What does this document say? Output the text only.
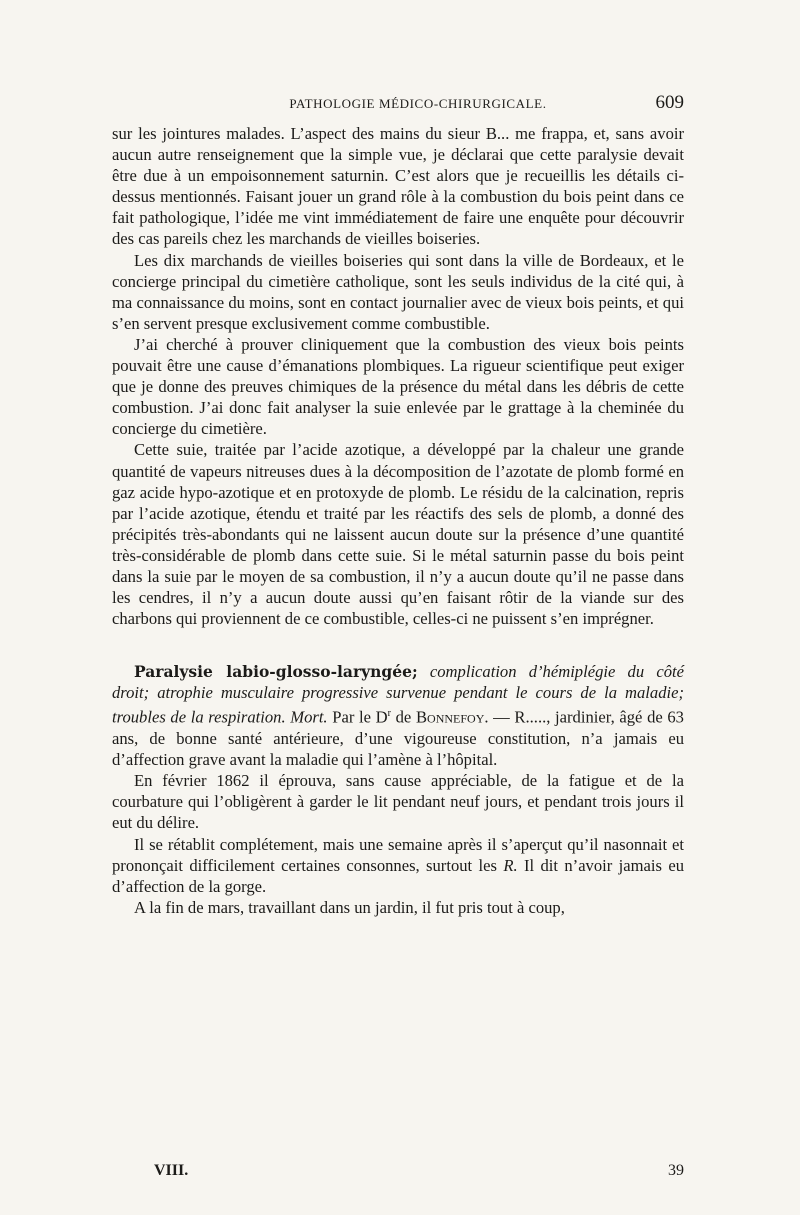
PATHOLOGIE MÉDICO-CHIRURGICALE.	609

sur les jointures malades. L’aspect des mains du sieur B... me frappa, et, sans avoir aucun autre renseignement que la simple vue, je déclarai que cette paralysie devait être due à un empoisonnement saturnin. C’est alors que je recueillis les détails ci-dessus mentionnés. Faisant jouer un grand rôle à la combustion du bois peint dans ce fait pathologique, l’idée me vint immédiatement de faire une enquête pour découvrir des cas pareils chez les marchands de vieilles boiseries.

Les dix marchands de vieilles boiseries qui sont dans la ville de Bordeaux, et le concierge principal du cimetière catholique, sont les seuls individus de la cité qui, à ma connaissance du moins, sont en contact journalier avec de vieux bois peints, et qui s’en servent presque exclusivement comme combustible.

J’ai cherché à prouver cliniquement que la combustion des vieux bois peints pouvait être une cause d’émanations plombiques. La rigueur scientifique peut exiger que je donne des preuves chimiques de la présence du métal dans les débris de cette combustion. J’ai donc fait analyser la suie enlevée par le grattage à la cheminée du concierge du cimetière.

Cette suie, traitée par l’acide azotique, a développé par la chaleur une grande quantité de vapeurs nitreuses dues à la décomposition de l’azotate de plomb formé en gaz acide hypo-azotique et en protoxyde de plomb. Le résidu de la calcination, repris par l’acide azotique, étendu et traité par les réactifs des sels de plomb, a donné des précipités très-abondants qui ne laissent aucun doute sur la présence d’une quantité très-considérable de plomb dans cette suie. Si le métal saturnin passe du bois peint dans la suie par le moyen de sa combustion, il n’y a aucun doute qu’il ne passe dans les cendres, il n’y a aucun doute aussi qu’en faisant rôtir de la viande sur des charbons qui proviennent de ce combustible, celles-ci ne puissent s’en imprégner.

Paralysie labio-glosso-laryngée; complication d’hémiplégie du côté droit; atrophie musculaire progressive survenue pendant le cours de la maladie; troubles de la respiration. Mort. Par le $D^r$ de Bonnefoy. — R....., jardinier, âgé de 63 ans, de bonne santé antérieure, d’une vigoureuse constitution, n’a jamais eu d’affection grave avant la maladie qui l’amène à l’hôpital.

En février 1862 il éprouva, sans cause appréciable, de la fatigue et de la courbature qui l’obligèrent à garder le lit pendant neuf jours, et pendant trois jours il eut du délire.

Il se rétablit complétement, mais une semaine après il s’aperçut qu’il nasonnait et prononçait difficilement certaines consonnes, surtout les R. Il dit n’avoir jamais eu d’affection de la gorge.

A la fin de mars, travaillant dans un jardin, il fut pris tout à coup,

VIII.	39
